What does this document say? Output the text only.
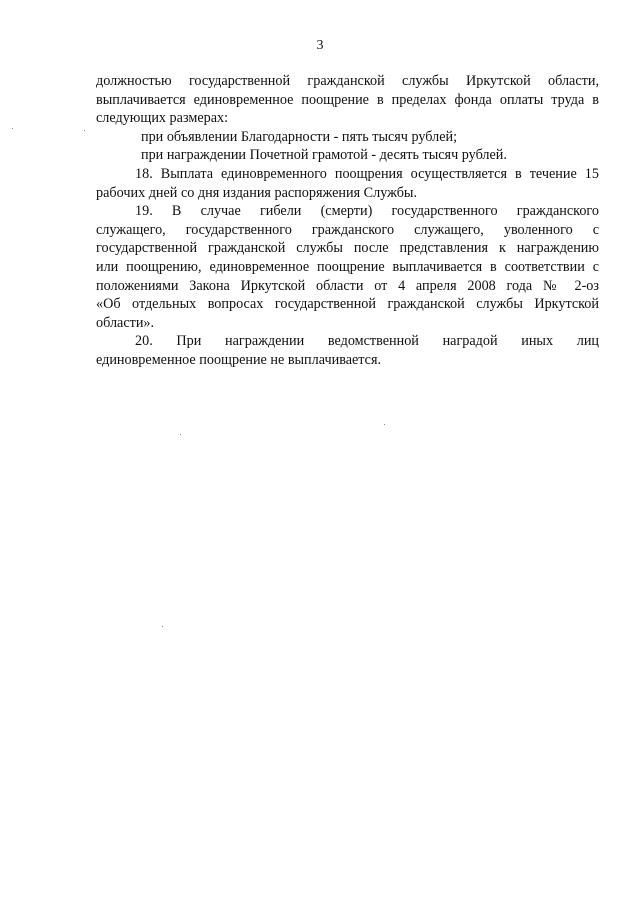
3
должностью государственной гражданской службы Иркутской области,
выплачивается единовременное поощрение в пределах фонда оплаты труда в
следующих размерах:
при объявлении Благодарности - пять тысяч рублей;
при награждении Почетной грамотой - десять тысяч рублей.
18. Выплата единовременного поощрения осуществляется в течение 15
рабочих дней со дня издания распоряжения Службы.
19. В случае гибели (смерти) государственного гражданского
служащего, государственного гражданского служащего, уволенного с
государственной гражданской службы после представления к награждению
или поощрению, единовременное поощрение выплачивается в соответствии с
положениями Закона Иркутской области от 4 апреля 2008 года № 2-оз
«Об отдельных вопросах государственной гражданской службы Иркутской
области».
20. При награждении ведомственной наградой иных лиц
единовременное поощрение не выплачивается.
